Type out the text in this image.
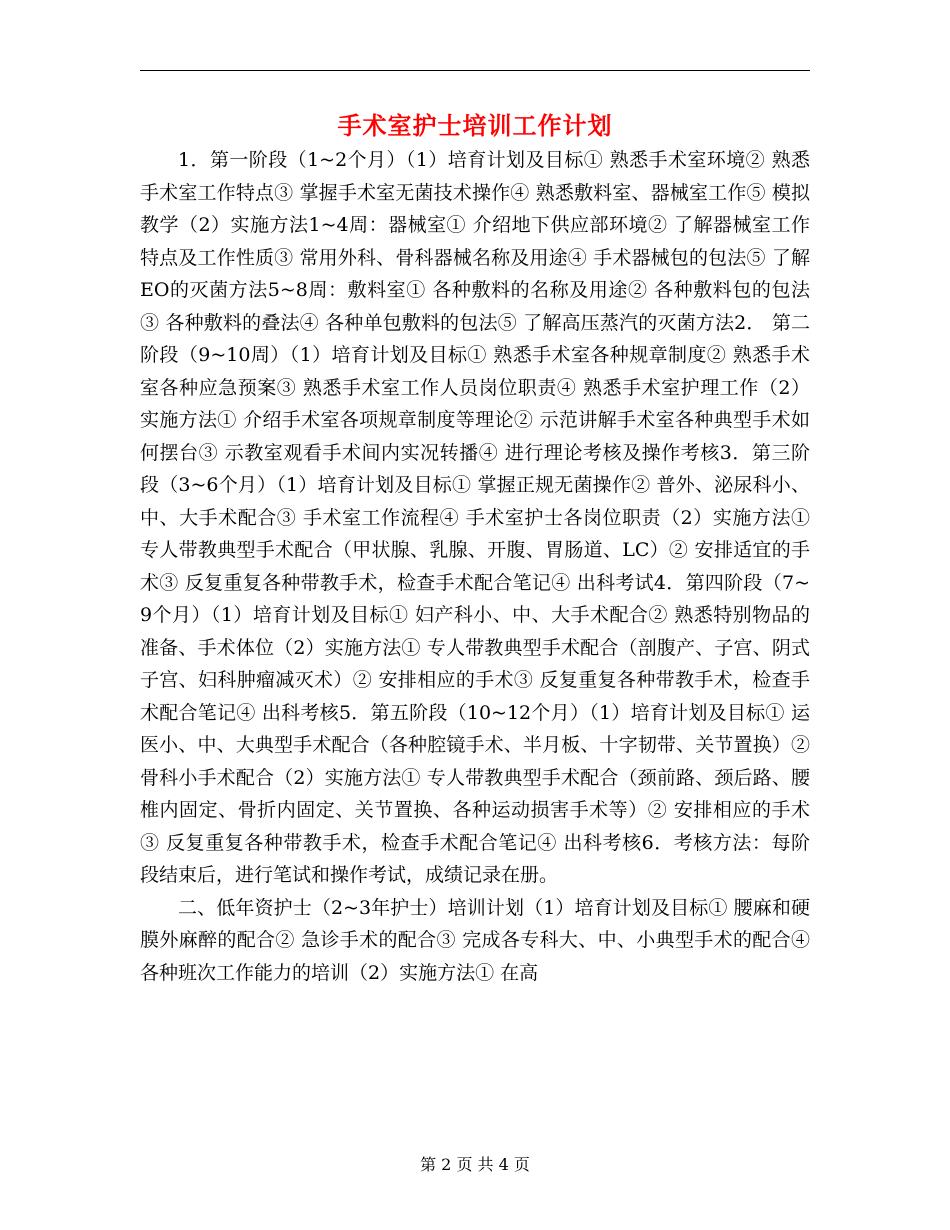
手术室护士培训工作计划

1．第一阶段（1~2个月）（1）培育计划及目标① 熟悉手术室环境② 熟悉手术室工作特点③ 掌握手术室无菌技术操作④ 熟悉敷料室、器械室工作⑤ 模拟教学（2）实施方法1~4周：器械室① 介绍地下供应部环境② 了解器械室工作特点及工作性质③ 常用外科、骨科器械名称及用途④ 手术器械包的包法⑤ 了解EO的灭菌方法5~8周：敷料室① 各种敷料的名称及用途② 各种敷料包的包法③ 各种敷料的叠法④ 各种单包敷料的包法⑤ 了解高压蒸汽的灭菌方法2． 第二阶段（9~10周）（1）培育计划及目标① 熟悉手术室各种规章制度② 熟悉手术室各种应急预案③ 熟悉手术室工作人员岗位职责④ 熟悉手术室护理工作（2）实施方法① 介绍手术室各项规章制度等理论② 示范讲解手术室各种典型手术如何摆台③ 示教室观看手术间内实况转播④ 进行理论考核及操作考核3．第三阶段（3~6个月）（1）培育计划及目标① 掌握正规无菌操作② 普外、泌尿科小、中、大手术配合③ 手术室工作流程④ 手术室护士各岗位职责（2）实施方法① 专人带教典型手术配合（甲状腺、乳腺、开腹、胃肠道、LC）② 安排适宜的手术③ 反复重复各种带教手术，检查手术配合笔记④ 出科考试4．第四阶段（7~9个月）（1）培育计划及目标① 妇产科小、中、大手术配合② 熟悉特别物品的准备、手术体位（2）实施方法① 专人带教典型手术配合（剖腹产、子宫、阴式子宫、妇科肿瘤减灭术）② 安排相应的手术③ 反复重复各种带教手术，检查手术配合笔记④ 出科考核5．第五阶段（10~12个月）（1）培育计划及目标① 运医小、中、大典型手术配合（各种腔镜手术、半月板、十字韧带、关节置换）② 骨科小手术配合（2）实施方法① 专人带教典型手术配合（颈前路、颈后路、腰椎内固定、骨折内固定、关节置换、各种运动损害手术等）② 安排相应的手术③ 反复重复各种带教手术，检查手术配合笔记④ 出科考核6．考核方法：每阶段结束后，进行笔试和操作考试，成绩记录在册。

二、低年资护士（2~3年护士）培训计划（1）培育计划及目标① 腰麻和硬膜外麻醉的配合② 急诊手术的配合③ 完成各专科大、中、小典型手术的配合④ 各种班次工作能力的培训（2）实施方法① 在高

第 2 页 共 4 页
